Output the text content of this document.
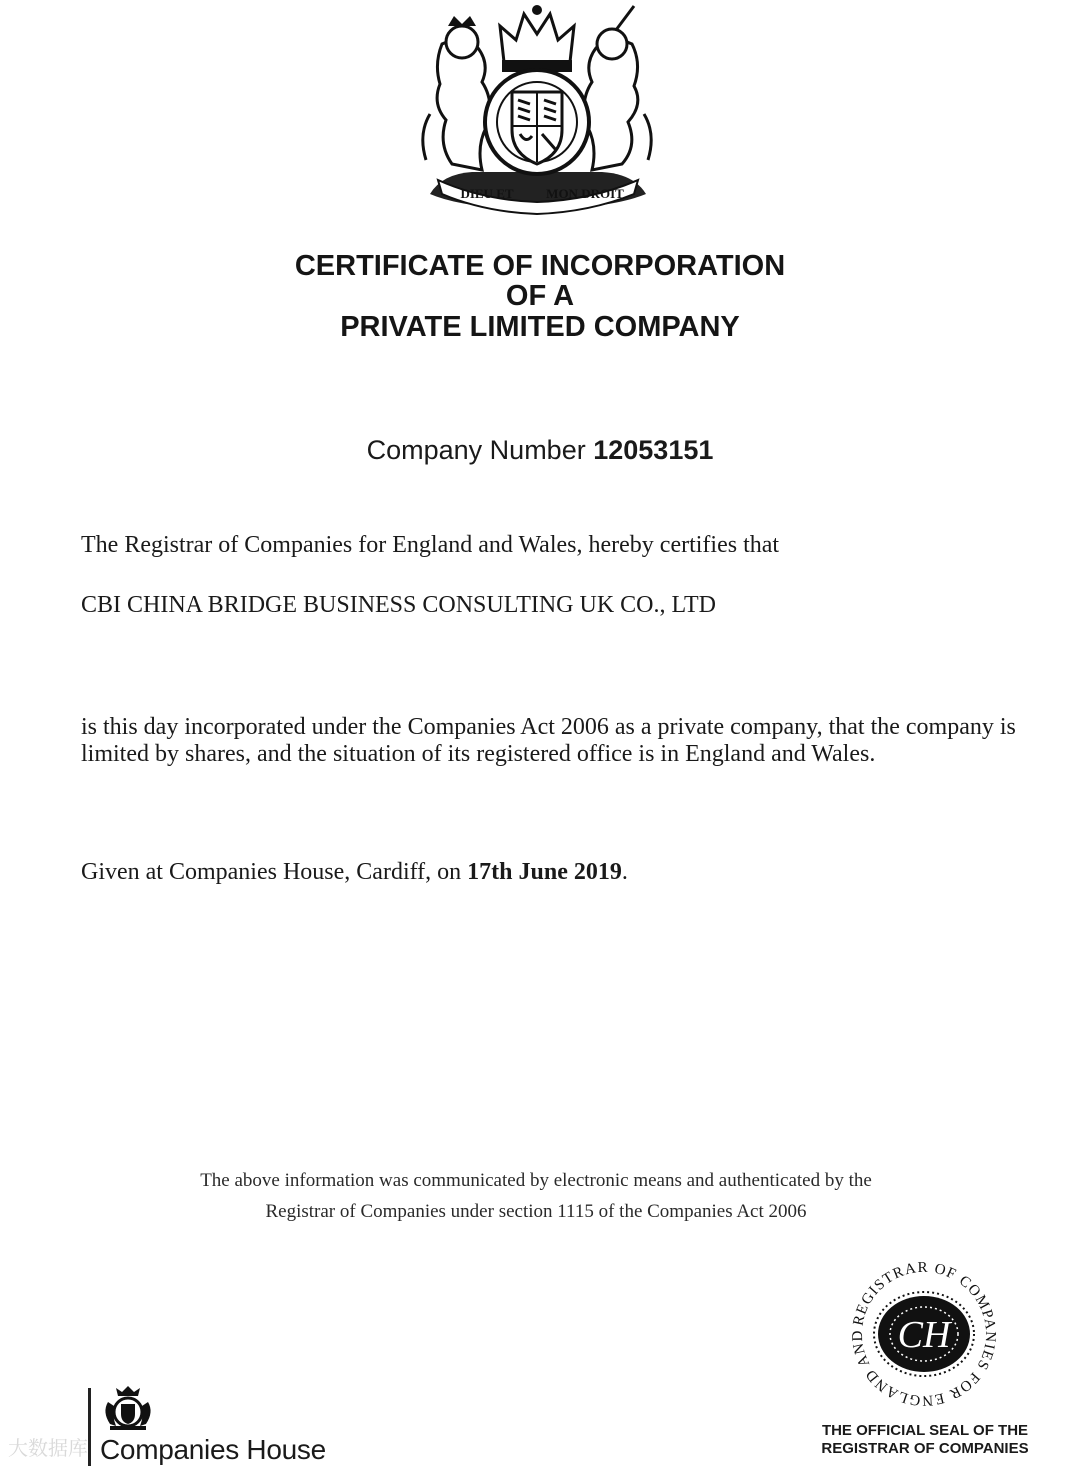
DIEU ET	MON DROIT
CERTIFICATE OF INCORPORATION
OF A
PRIVATE LIMITED COMPANY
Company Number 12053151
The Registrar of Companies for England and Wales, hereby certifies that
CBI CHINA BRIDGE BUSINESS CONSULTING UK CO., LTD
is this day incorporated under the Companies Act 2006 as a private company, that the company is limited by shares, and the situation of its registered office is in England and Wales.
Given at Companies House, Cardiff, on 17th June 2019.
The above information was communicated by electronic means and authenticated by the
Registrar of Companies under section 1115 of the Companies Act 2006
REGISTRAR OF COMPANIES FOR ENGLAND AND CH
THE OFFICIAL SEAL OF THE
REGISTRAR OF COMPANIES
Companies House
大数据库
